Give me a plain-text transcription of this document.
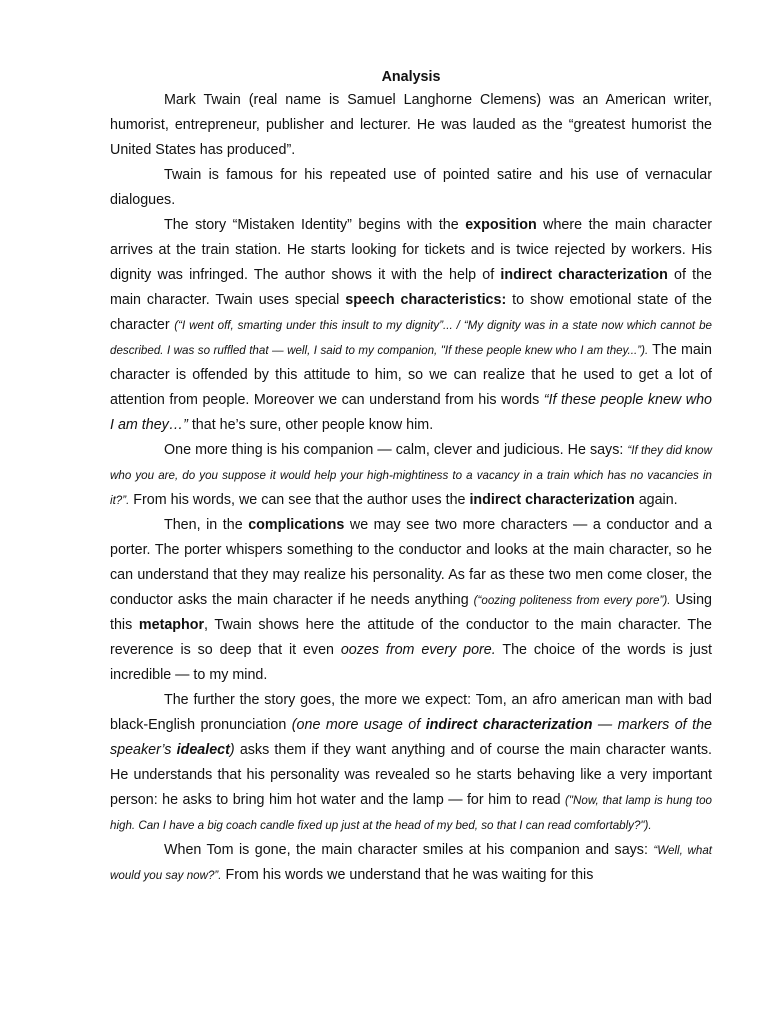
Analysis

Mark Twain (real name is Samuel Langhorne Clemens) was an American writer, humorist, entrepreneur, publisher and lecturer. He was lauded as the “greatest humorist the United States has produced”.

Twain is famous for his repeated use of pointed satire and his use of vernacular dialogues.

The story “Mistaken Identity” begins with the exposition where the main character arrives at the train station. He starts looking for tickets and is twice rejected by workers. His dignity was infringed. The author shows it with the help of indirect characterization of the main character. Twain uses special speech characteristics: to show emotional state of the character (“I went off, smarting under this insult to my dignity”... / “My dignity was in a state now which cannot be described. I was so ruffled that — well, I said to my companion, "If these people knew who I am they...”). The main character is offended by this attitude to him, so we can realize that he used to get a lot of attention from people. Moreover we can understand from his words “If these people knew who I am they…” that he’s sure, other people know him.

One more thing is his companion — calm, clever and judicious. He says: “If they did know who you are, do you suppose it would help your high-mightiness to a vacancy in a train which has no vacancies in it?”. From his words, we can see that the author uses the indirect characterization again.

Then, in the complications we may see two more characters — a conductor and a porter. The porter whispers something to the conductor and looks at the main character, so he can understand that they may realize his personality. As far as these two men come closer, the conductor asks the main character if he needs anything (“oozing politeness from every pore”). Using this metaphor, Twain shows here the attitude of the conductor to the main character. The reverence is so deep that it even oozes from every pore. The choice of the words is just incredible — to my mind.

The further the story goes, the more we expect: Tom, an afro american man with bad black-English pronunciation (one more usage of indirect characterization — markers of the speaker’s idealect) asks them if they want anything and of course the main character wants. He understands that his personality was revealed so he starts behaving like a very important person: he asks to bring him hot water and the lamp — for him to read ("Now, that lamp is hung too high. Can I have a big coach candle fixed up just at the head of my bed, so that I can read comfortably?").

When Tom is gone, the main character smiles at his companion and says: “Well, what would you say now?”. From his words we understand that he was waiting for this
